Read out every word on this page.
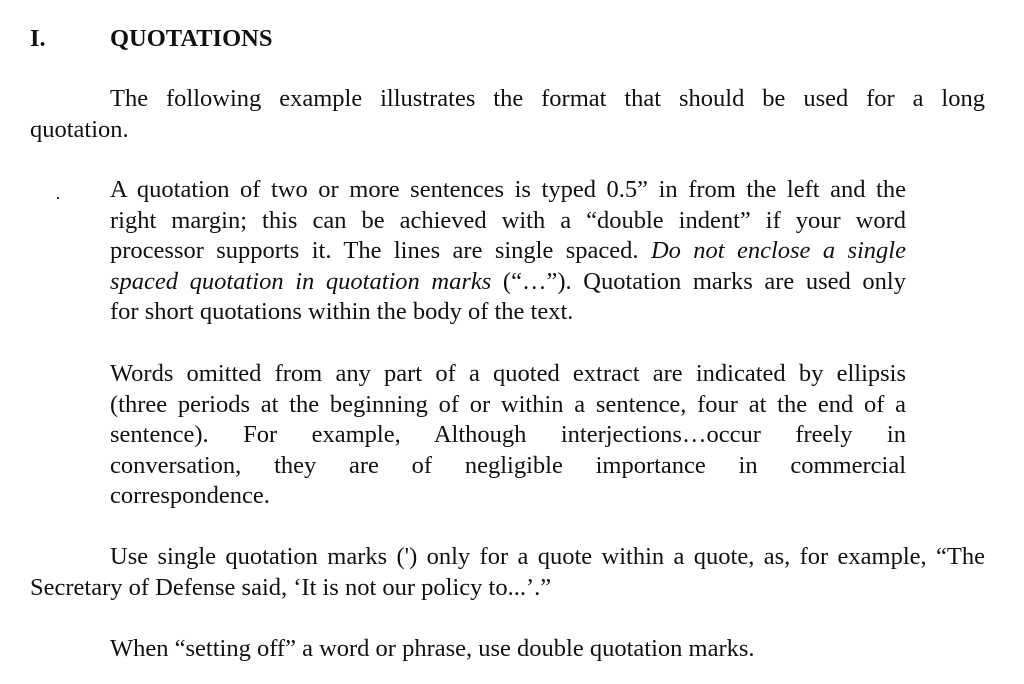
I.	QUOTATIONS
The following example illustrates the format that should be used for a long
quotation.
A quotation of two or more sentences is typed 0.5” in from the left and the
right margin; this can be achieved with a “double indent” if your word
processor supports it. The lines are single spaced. Do not enclose a single
spaced quotation in quotation marks (“…”). Quotation marks are used only
for short quotations within the body of the text.
Words omitted from any part of a quoted extract are indicated by ellipsis
(three periods at the beginning of or within a sentence, four at the end of a
sentence). For example, Although interjections…occur freely in
conversation, they are of negligible importance in commercial
correspondence.
Use single quotation marks (') only for a quote within a quote, as, for example, “The
Secretary of Defense said, ‘It is not our policy to...’.”
When “setting off” a word or phrase, use double quotation marks.
